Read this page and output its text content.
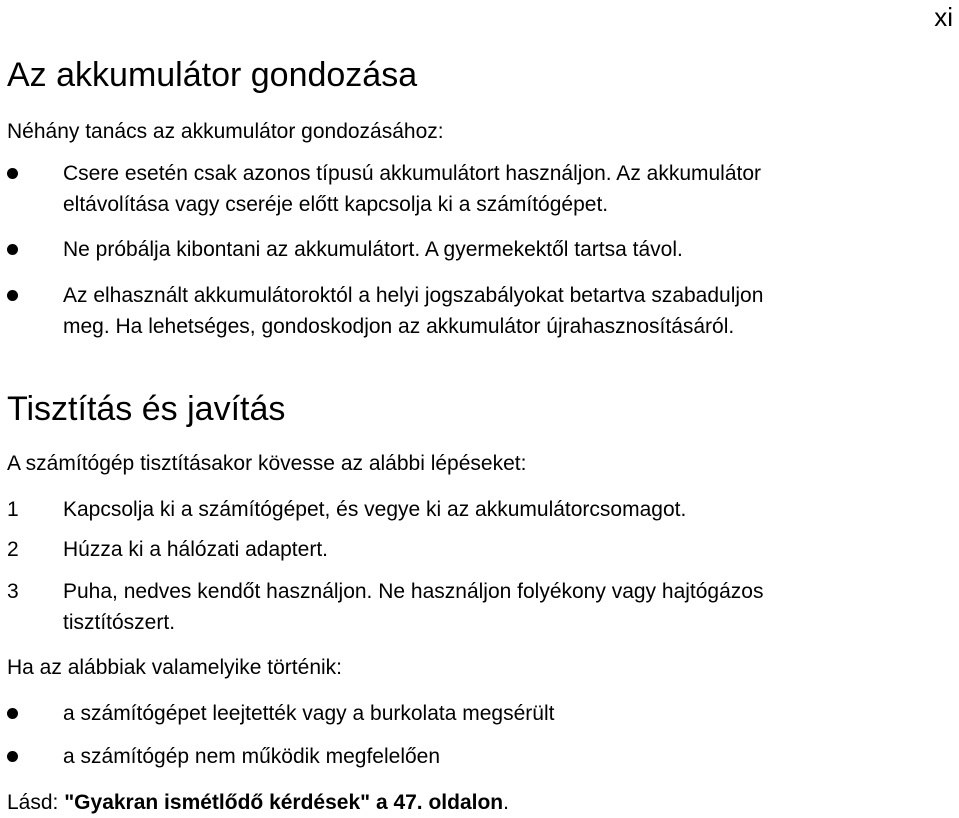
xi
Az akkumulátor gondozása

Néhány tanács az akkumulátor gondozásához:

Csere esetén csak azonos típusú akkumulátort használjon. Az akkumulátor
eltávolítása vagy cseréje előtt kapcsolja ki a számítógépet.
Ne próbálja kibontani az akkumulátort. A gyermekektől tartsa távol.
Az elhasznált akkumulátoroktól a helyi jogszabályokat betartva szabaduljon
meg. Ha lehetséges, gondoskodjon az akkumulátor újrahasznosításáról.
Tisztítás és javítás

A számítógép tisztításakor kövesse az alábbi lépéseket:

1 Kapcsolja ki a számítógépet, és vegye ki az akkumulátorcsomagot.
2 Húzza ki a hálózati adaptert.
3 Puha, nedves kendőt használjon. Ne használjon folyékony vagy hajtógázos
tisztítószert.

Ha az alábbiak valamelyike történik:

a számítógépet leejtették vagy a burkolata megsérült
a számítógép nem működik megfelelően

Lásd: "Gyakran ismétlődő kérdések" a 47. oldalon.
